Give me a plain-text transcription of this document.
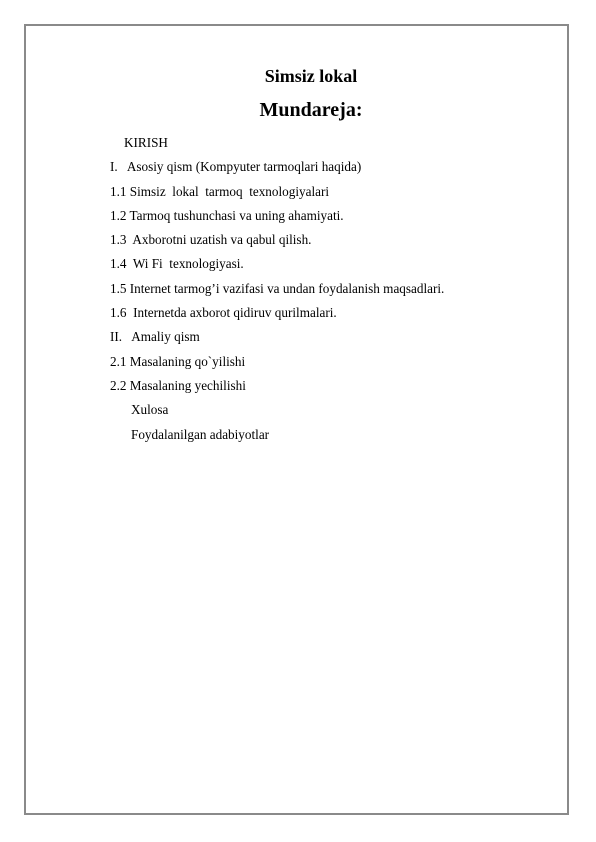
Simsiz lokal
Mundareja:
KIRISH
I.   Asosiy qism (Kompyuter tarmoqlari haqida)
1.1 Simsiz  lokal  tarmoq  texnologiyalari
1.2 Tarmoq tushunchasi va uning ahamiyati.
1.3  Axborotni uzatish va qabul qilish.
1.4  Wi Fi  texnologiyasi.
1.5 Internet tarmog’i vazifasi va undan foydalanish maqsadlari.
1.6  Internetda axborot qidiruv qurilmalari.
II.   Amaliy qism
2.1 Masalaning qo`yilishi
2.2 Masalaning yechilishi
Xulosa
Foydalanilgan adabiyotlar
